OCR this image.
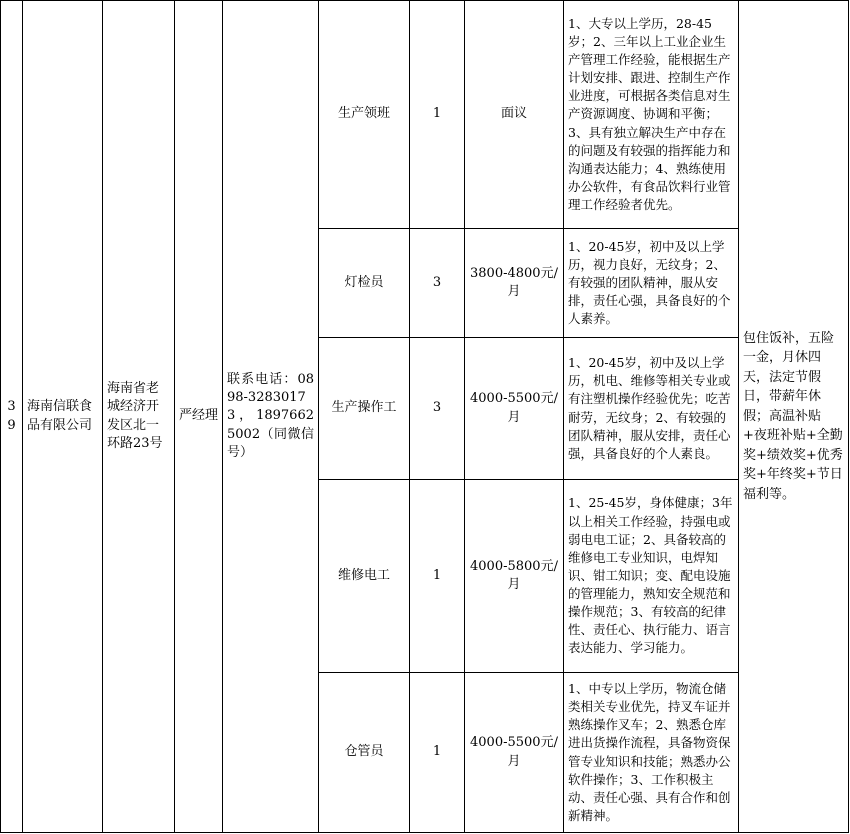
39	海南信联食品有限公司	海南省老城经济开发区北一环路23号	严经理	联系电话：0898-32830173，18976625002（同微信号）	生产领班	1	面议	1、大专以上学历，28-45岁；2、三年以上工业企业生产管理工作经验，能根据生产计划安排、跟进、控制生产作业进度，可根据各类信息对生产资源调度、协调和平衡；3、具有独立解决生产中存在的问题及有较强的指挥能力和沟通表达能力；4、熟练使用办公软件，有食品饮料行业管理工作经验者优先。	包住饭补，五险一金，月休四天，法定节假日，带薪年休假；高温补贴+夜班补贴+全勤奖+绩效奖+优秀奖+年终奖+节日福利等。
					灯检员	3	3800-4800元/月	1、20-45岁，初中及以上学历，视力良好，无纹身；2、有较强的团队精神，服从安排，责任心强，具备良好的个人素养。	
					生产操作工	3	4000-5500元/月	1、20-45岁，初中及以上学历，机电、维修等相关专业或有注塑机操作经验优先；吃苦耐劳，无纹身；2、有较强的团队精神，服从安排，责任心强，具备良好的个人素良。	
					维修电工	1	4000-5800元/月	1、25-45岁，身体健康；3年以上相关工作经验，持强电或弱电电工证；2、具备较高的维修电工专业知识，电焊知识、钳工知识；变、配电设施的管理能力，熟知安全规范和操作规范；3、有较高的纪律性、责任心、执行能力、语言表达能力、学习能力。	
					仓管员	1	4000-5500元/月	1、中专以上学历，物流仓储类相关专业优先，持叉车证并熟练操作叉车；2、熟悉仓库进出货操作流程，具备物资保管专业知识和技能；熟悉办公软件操作；3、工作积极主动、责任心强、具有合作和创新精神。	
